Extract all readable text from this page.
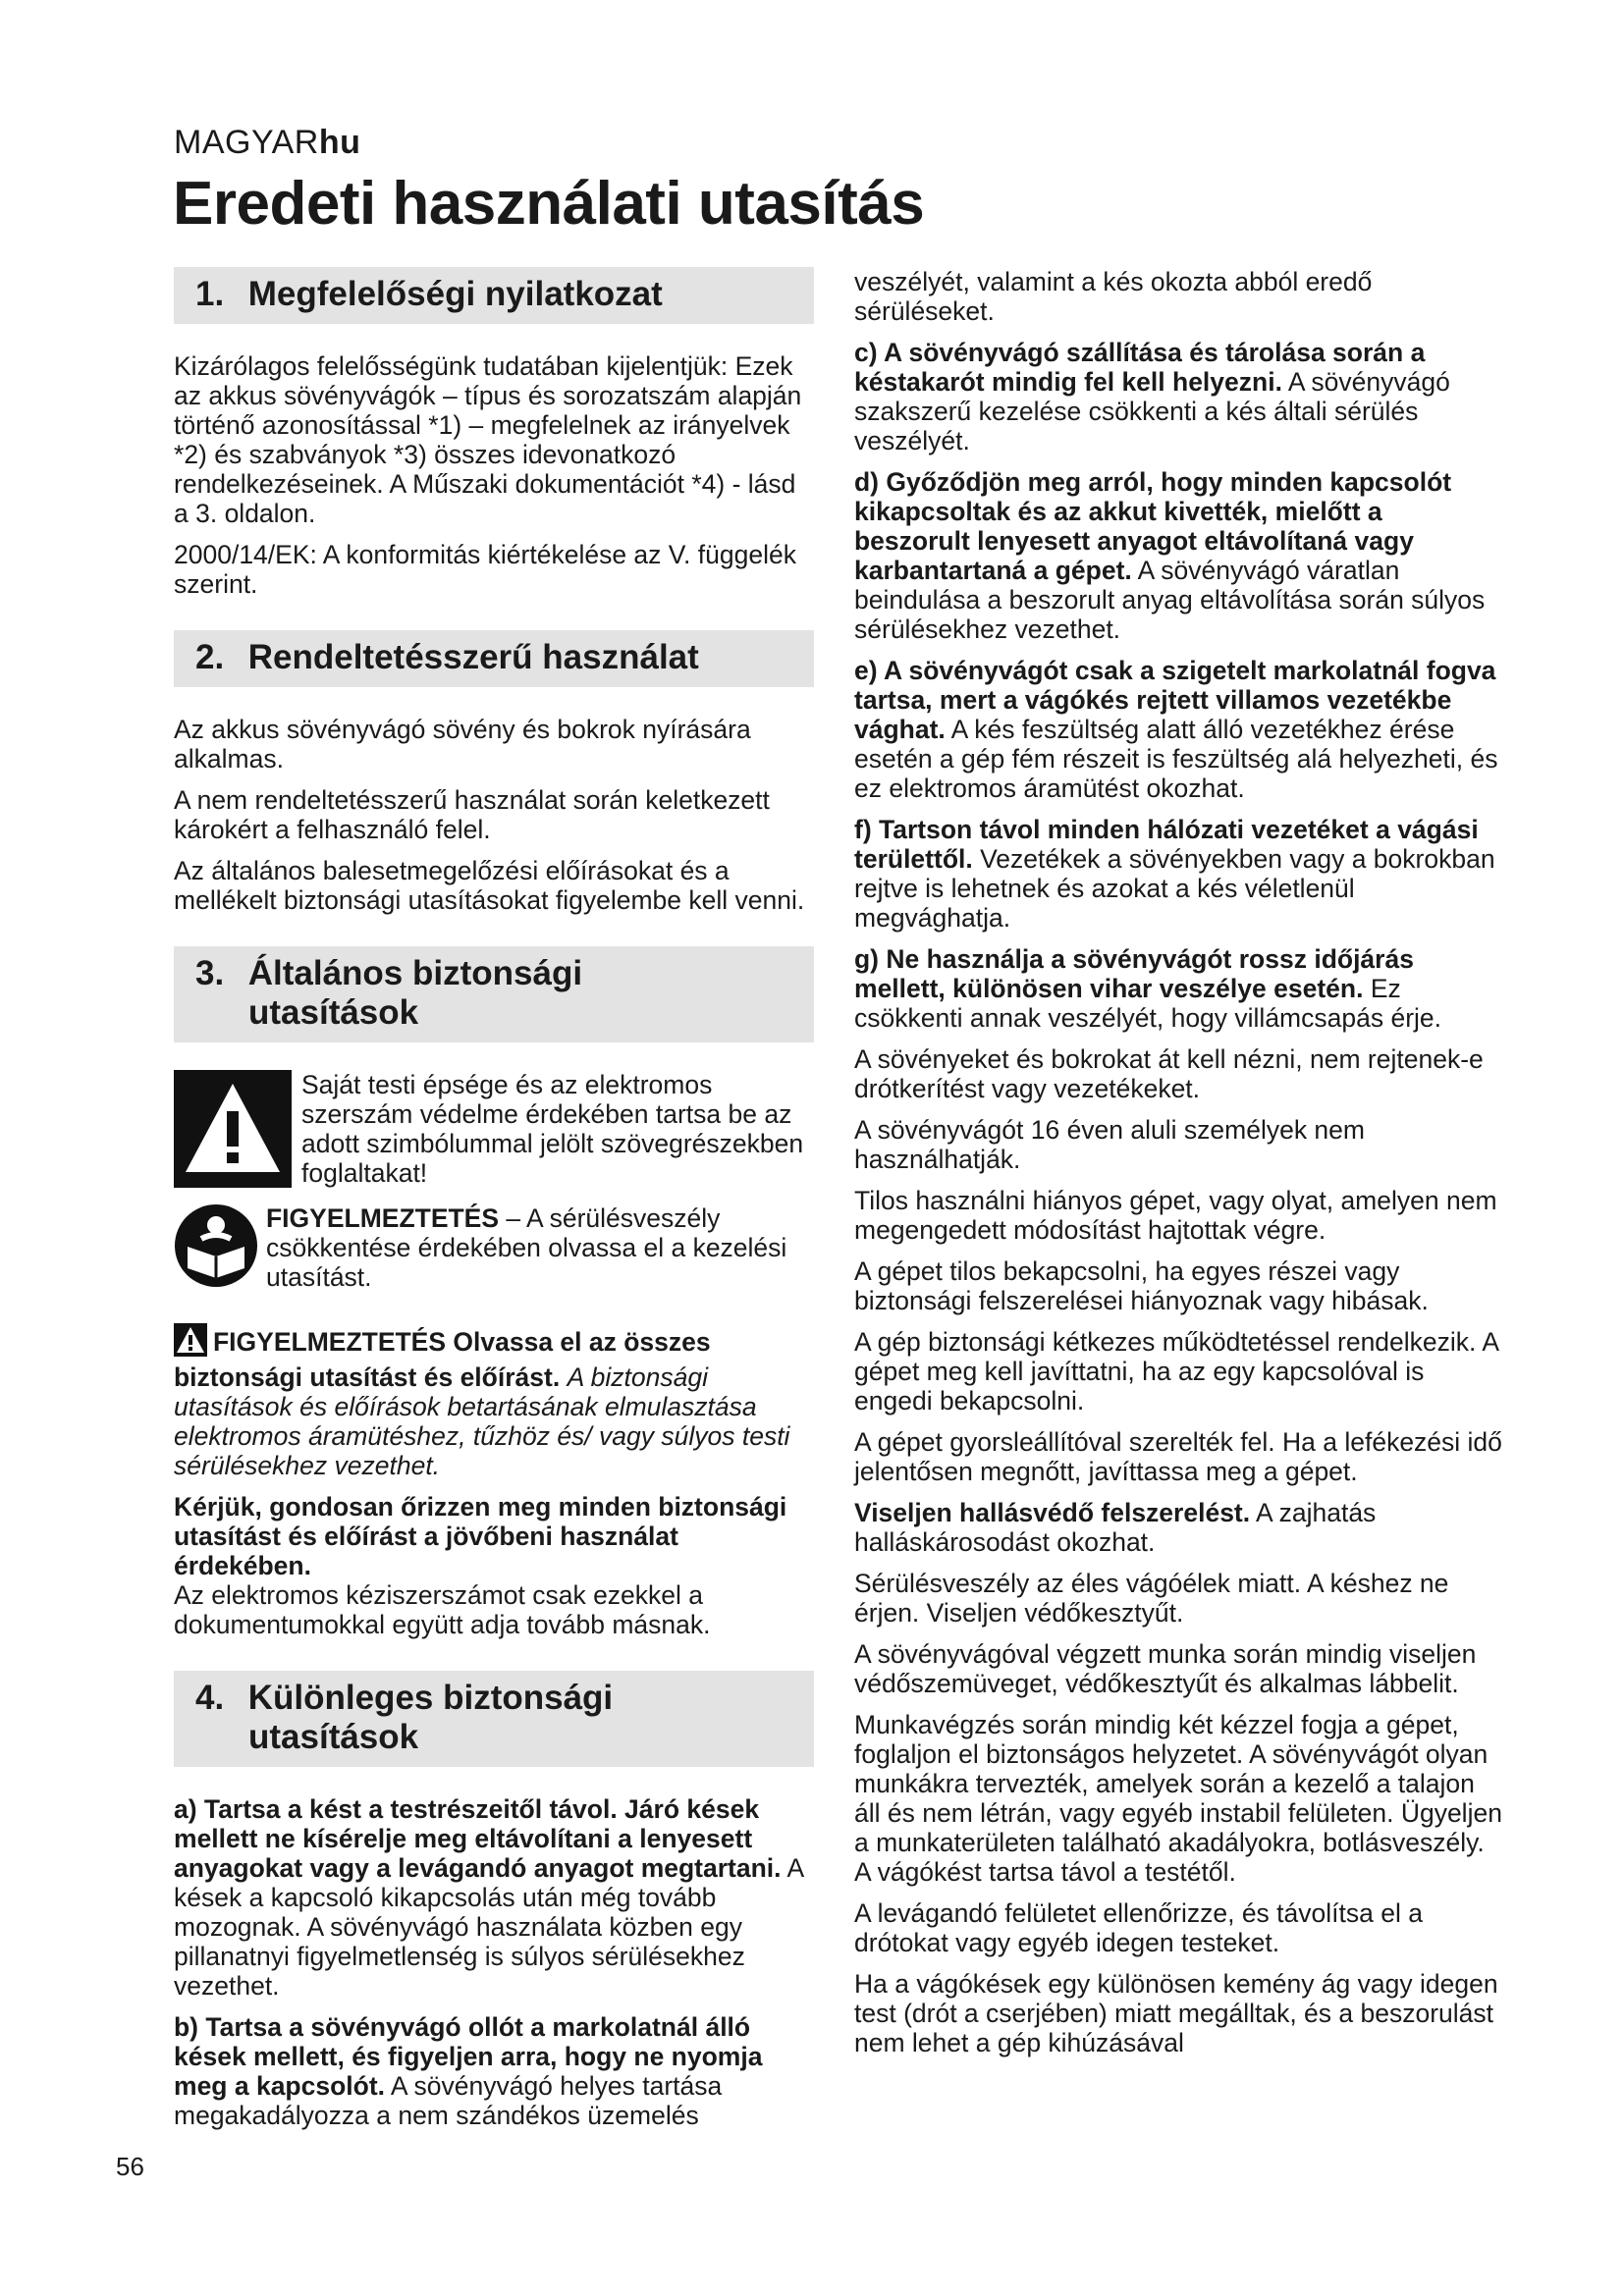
MAGYARhu
Eredeti használati utasítás
1. Megfelelőségi nyilatkozat

Kizárólagos felelősségünk tudatában kijelentjük: Ezek az akkus sövényvágók – típus és sorozatszám alapján történő azonosítással *1) – megfelelnek az irányelvek *2) és szabványok *3) összes idevonatkozó rendelkezéseinek. A Műszaki dokumentációt *4) - lásd a 3. oldalon.

2000/14/EK: A konformitás kiértékelése az V. függelék szerint.

2. Rendeltetésszerű használat

Az akkus sövényvágó sövény és bokrok nyírására alkalmas.

A nem rendeltetésszerű használat során keletkezett károkért a felhasználó felel.

Az általános balesetmegelőzési előírásokat és a mellékelt biztonsági utasításokat figyelembe kell venni.

3. Általános biztonsági
utasítások
Saját testi épsége és az elektromos szerszám védelme érdekében tartsa be az adott szimbólummal jelölt szövegrészekben foglaltakat!
FIGYELMEZTETÉS – A sérülésveszély csökkentése érdekében olvassa el a kezelési utasítást.

FIGYELMEZTETÉS Olvassa el az összes biztonsági utasítást és előírást. A biztonsági utasítások és előírások betartásának elmulasztása elektromos áramütéshez, tűzhöz és/ vagy súlyos testi sérülésekhez vezethet.

Kérjük, gondosan őrizzen meg minden biztonsági utasítást és előírást a jövőbeni használat érdekében.
Az elektromos kéziszerszámot csak ezekkel a dokumentumokkal együtt adja tovább másnak.

4. Különleges biztonsági
utasítások

a) Tartsa a kést a testrészeitől távol. Járó kések mellett ne kísérelje meg eltávolítani a lenyesett anyagokat vagy a levágandó anyagot megtartani. A kések a kapcsoló kikapcsolás után még tovább mozognak. A sövényvágó használata közben egy pillanatnyi figyelmetlenség is súlyos sérülésekhez vezethet.

b) Tartsa a sövényvágó ollót a markolatnál álló kések mellett, és figyeljen arra, hogy ne nyomja meg a kapcsolót. A sövényvágó helyes tartása megakadályozza a nem szándékos üzemelés

veszélyét, valamint a kés okozta abból eredő sérüléseket.

c) A sövényvágó szállítása és tárolása során a késtakarót mindig fel kell helyezni. A sövényvágó szakszerű kezelése csökkenti a kés általi sérülés veszélyét.

d) Győződjön meg arról, hogy minden kapcsolót kikapcsoltak és az akkut kivették, mielőtt a beszorult lenyesett anyagot eltávolítaná vagy karbantartaná a gépet. A sövényvágó váratlan beindulása a beszorult anyag eltávolítása során súlyos sérülésekhez vezethet.

e) A sövényvágót csak a szigetelt markolatnál fogva tartsa, mert a vágókés rejtett villamos vezetékbe vághat. A kés feszültség alatt álló vezetékhez érése esetén a gép fém részeit is feszültség alá helyezheti, és ez elektromos áramütést okozhat.

f) Tartson távol minden hálózati vezetéket a vágási területtől. Vezetékek a sövényekben vagy a bokrokban rejtve is lehetnek és azokat a kés véletlenül megvághatja.

g) Ne használja a sövényvágót rossz időjárás mellett, különösen vihar veszélye esetén. Ez csökkenti annak veszélyét, hogy villámcsapás érje.

A sövényeket és bokrokat át kell nézni, nem rejtenek-e drótkerítést vagy vezetékeket.

A sövényvágót 16 éven aluli személyek nem használhatják.

Tilos használni hiányos gépet, vagy olyat, amelyen nem megengedett módosítást hajtottak végre.

A gépet tilos bekapcsolni, ha egyes részei vagy biztonsági felszerelései hiányoznak vagy hibásak.

A gép biztonsági kétkezes működtetéssel rendelkezik. A gépet meg kell javíttatni, ha az egy kapcsolóval is engedi bekapcsolni.

A gépet gyorsleállítóval szerelték fel. Ha a lefékezési idő jelentősen megnőtt, javíttassa meg a gépet.

Viseljen hallásvédő felszerelést. A zajhatás halláskárosodást okozhat.

Sérülésveszély az éles vágóélek miatt. A késhez ne érjen. Viseljen védőkesztyűt.

A sövényvágóval végzett munka során mindig viseljen védőszemüveget, védőkesztyűt és alkalmas lábbelit.

Munkavégzés során mindig két kézzel fogja a gépet, foglaljon el biztonságos helyzetet. A sövényvágót olyan munkákra tervezték, amelyek során a kezelő a talajon áll és nem létrán, vagy egyéb instabil felületen. Ügyeljen a munkaterületen található akadályokra, botlásveszély. A vágókést tartsa távol a testétől.

A levágandó felületet ellenőrizze, és távolítsa el a drótokat vagy egyéb idegen testeket.

Ha a vágókések egy különösen kemény ág vagy idegen test (drót a cserjében) miatt megálltak, és a beszorulást nem lehet a gép kihúzásával

56
